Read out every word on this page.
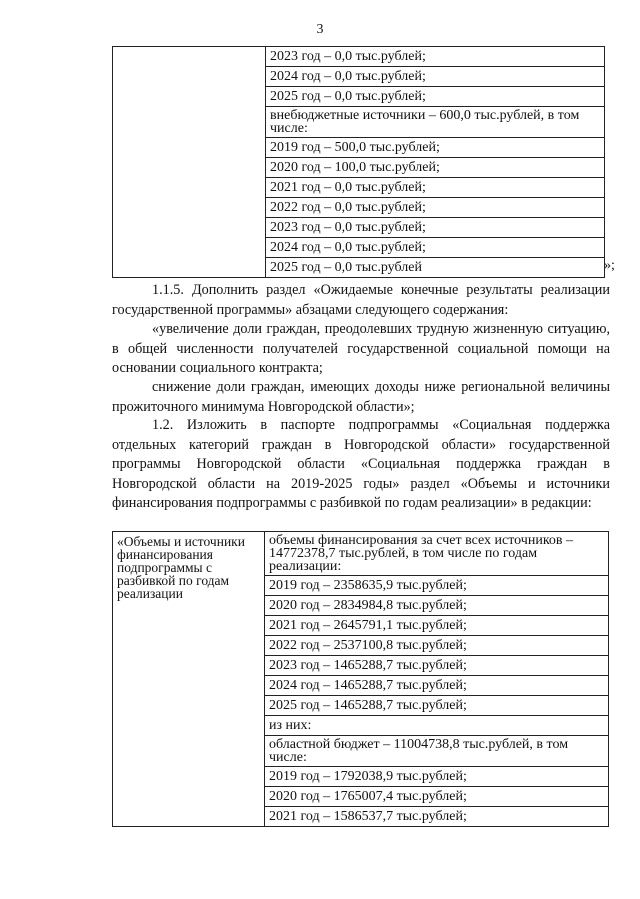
3

2023 год – 0,0 тыс.рублей;
2024 год – 0,0 тыс.рублей;
2025 год – 0,0 тыс.рублей;
внебюджетные источники – 600,0 тыс.рублей, в том числе:
2019 год – 500,0 тыс.рублей;
2020 год – 100,0 тыс.рублей;
2021 год – 0,0 тыс.рублей;
2022 год – 0,0 тыс.рублей;
2023 год – 0,0 тыс.рублей;
2024 год – 0,0 тыс.рублей;
2025 год – 0,0 тыс.рублей	»;

1.1.5. Дополнить раздел «Ожидаемые конечные результаты реализации государственной программы» абзацами следующего содержания:

«увеличение доли граждан, преодолевших трудную жизненную ситуацию, в общей численности получателей государственной социальной помощи на основании социального контракта;

снижение доли граждан, имеющих доходы ниже региональной величины прожиточного минимума Новгородской области»;

1.2. Изложить в паспорте подпрограммы «Социальная поддержка отдельных категорий граждан в Новгородской области» государственной программы Новгородской области «Социальная поддержка граждан в Новгородской области на 2019-2025 годы» раздел «Объемы и источники финансирования подпрограммы с разбивкой по годам реализации» в редакции:

«Объемы и источники финансирования подпрограммы с разбивкой по годам реализации

объемы финансирования за счет всех источников – 14772378,7 тыс.рублей, в том числе по годам реализации:
2019 год – 2358635,9 тыс.рублей;
2020 год – 2834984,8 тыс.рублей;
2021 год – 2645791,1 тыс.рублей;
2022 год – 2537100,8 тыс.рублей;
2023 год – 1465288,7 тыс.рублей;
2024 год – 1465288,7 тыс.рублей;
2025 год – 1465288,7 тыс.рублей;
из них:
областной бюджет – 11004738,8 тыс.рублей, в том числе:
2019 год – 1792038,9 тыс.рублей;
2020 год – 1765007,4 тыс.рублей;
2021 год – 1586537,7 тыс.рублей;
